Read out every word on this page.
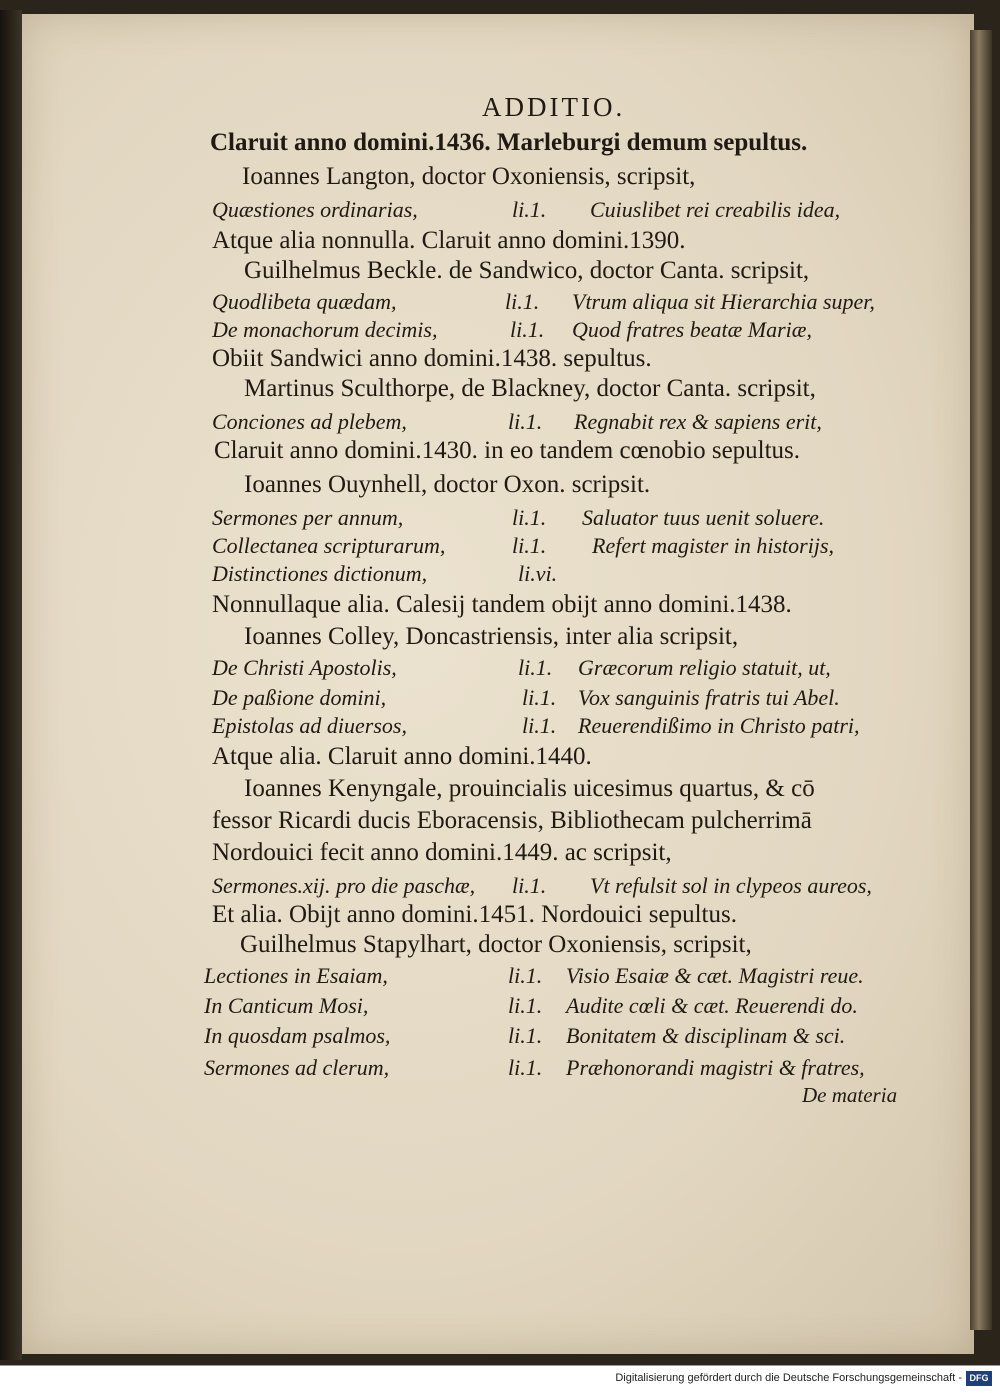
ADDITIO.
Claruit anno domini.1436. Marleburgi demum sepultus.
Ioannes Langton, doctor Oxoniensis, scripsit,
Quæstiones ordinarias,	li.1. Cuiuslibet rei creabilis idea,
Atque alia nonnulla. Claruit anno domini.1390.
Guilhelmus Beckle. de Sandwico, doctor Canta. scripsit,
Quodlibeta quædam,	li.1. Vtrum aliqua sit Hierarchia super,
De monachorum decimis,	li.1. Quod fratres beatæ Mariæ,
Obiit Sandwici anno domini.1438. sepultus.
Martinus Sculthorpe, de Blackney, doctor Canta. scripsit,
Conciones ad plebem,	li.1. Regnabit rex & sapiens erit,
Claruit anno domini.1430. in eo tandem cœnobio sepultus.
Ioannes Ouynhell, doctor Oxon. scripsit.
Sermones per annum,	li.1. Saluator tuus uenit soluere.
Collectanea scripturarum,	li.1. Refert magister in historijs,
Distinctiones dictionum,	li.vi.
Nonnullaque alia. Calesij tandem obijt anno domini.1438.
Ioannes Colley, Doncastriensis, inter alia scripsit,
De Christi Apostolis,	li.1. Græcorum religio statuit, ut,
De paßione domini,	li.1. Vox sanguinis fratris tui Abel.
Epistolas ad diuersos,	li.1. Reuerendißimo in Christo patri,
Atque alia. Claruit anno domini.1440.
Ioannes Kenyngale, prouincialis uicesimus quartus, & cō
fessor Ricardi ducis Eboracensis, Bibliothecam pulcherrimā
Nordouici fecit anno domini.1449. ac scripsit,
Sermones.xij. pro die paschæ, li.1. Vt refulsit sol in clypeos aureos,
Et alia. Obijt anno domini.1451. Nordouici sepultus.
Guilhelmus Stapylhart, doctor Oxoniensis, scripsit,
Lectiones in Esaiam,	li.1. Visio Esaiæ & cæt. Magistri reue.
In Canticum Mosi,	li.1. Audite cœli & cæt. Reuerendi do.
In quosdam psalmos,	li.1. Bonitatem & disciplinam & sci.
Sermones ad clerum,	li.1. Præhonorandi magistri & fratres,
De materia
Digitalisierung gefördert durch die Deutsche Forschungsgemeinschaft - DFG
